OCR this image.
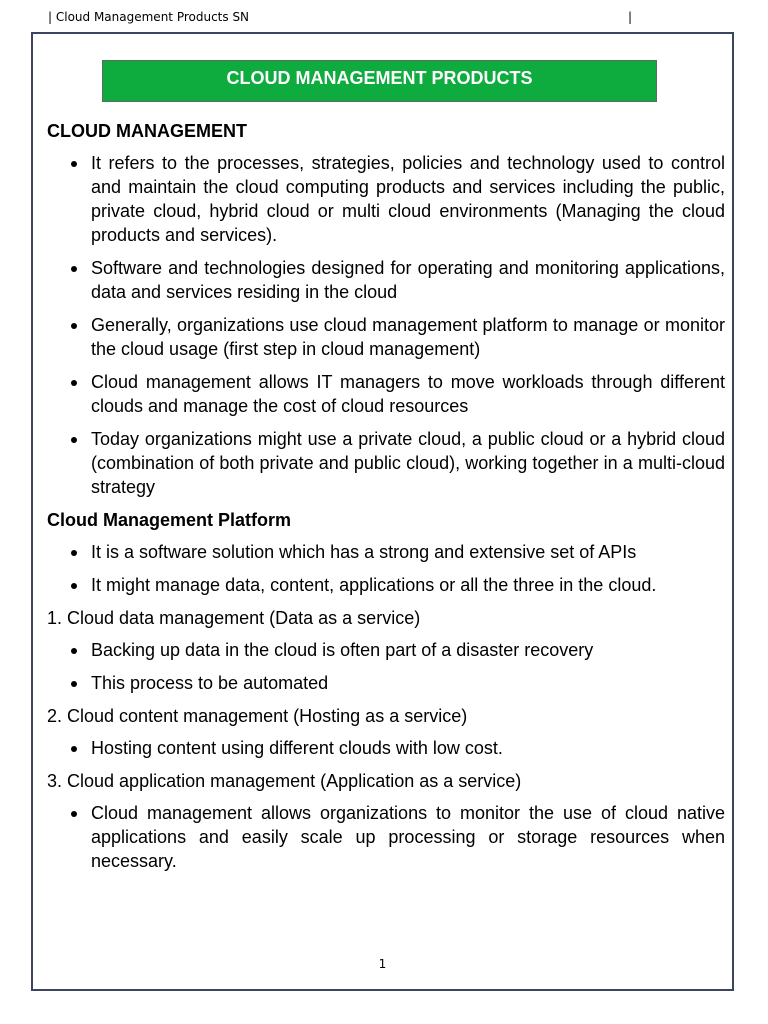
| Cloud Management Products SN	|
CLOUD MANAGEMENT PRODUCTS
CLOUD MANAGEMENT
It refers to the processes, strategies, policies and technology used to control and maintain the cloud computing products and services including the public, private cloud, hybrid cloud or multi cloud environments (Managing the cloud products and services).
Software and technologies designed for operating and monitoring applications, data and services residing in the cloud
Generally, organizations use cloud management platform to manage or monitor the cloud usage (first step in cloud management)
Cloud management allows IT managers to move workloads through different clouds and manage the cost of cloud resources
Today organizations might use a private cloud, a public cloud or a hybrid cloud (combination of both private and public cloud), working together in a multi-cloud strategy
Cloud Management Platform
It is a software solution which has a strong and extensive set of APIs
It might manage data, content, applications or all the three in the cloud.

1. Cloud data management (Data as a service)

Backing up data in the cloud is often part of a disaster recovery
This process to be automated

2. Cloud content management (Hosting as a service)

Hosting content using different clouds with low cost.

3. Cloud application management (Application as a service)

Cloud management allows organizations to monitor the use of cloud native applications and easily scale up processing or storage resources when necessary.
1
